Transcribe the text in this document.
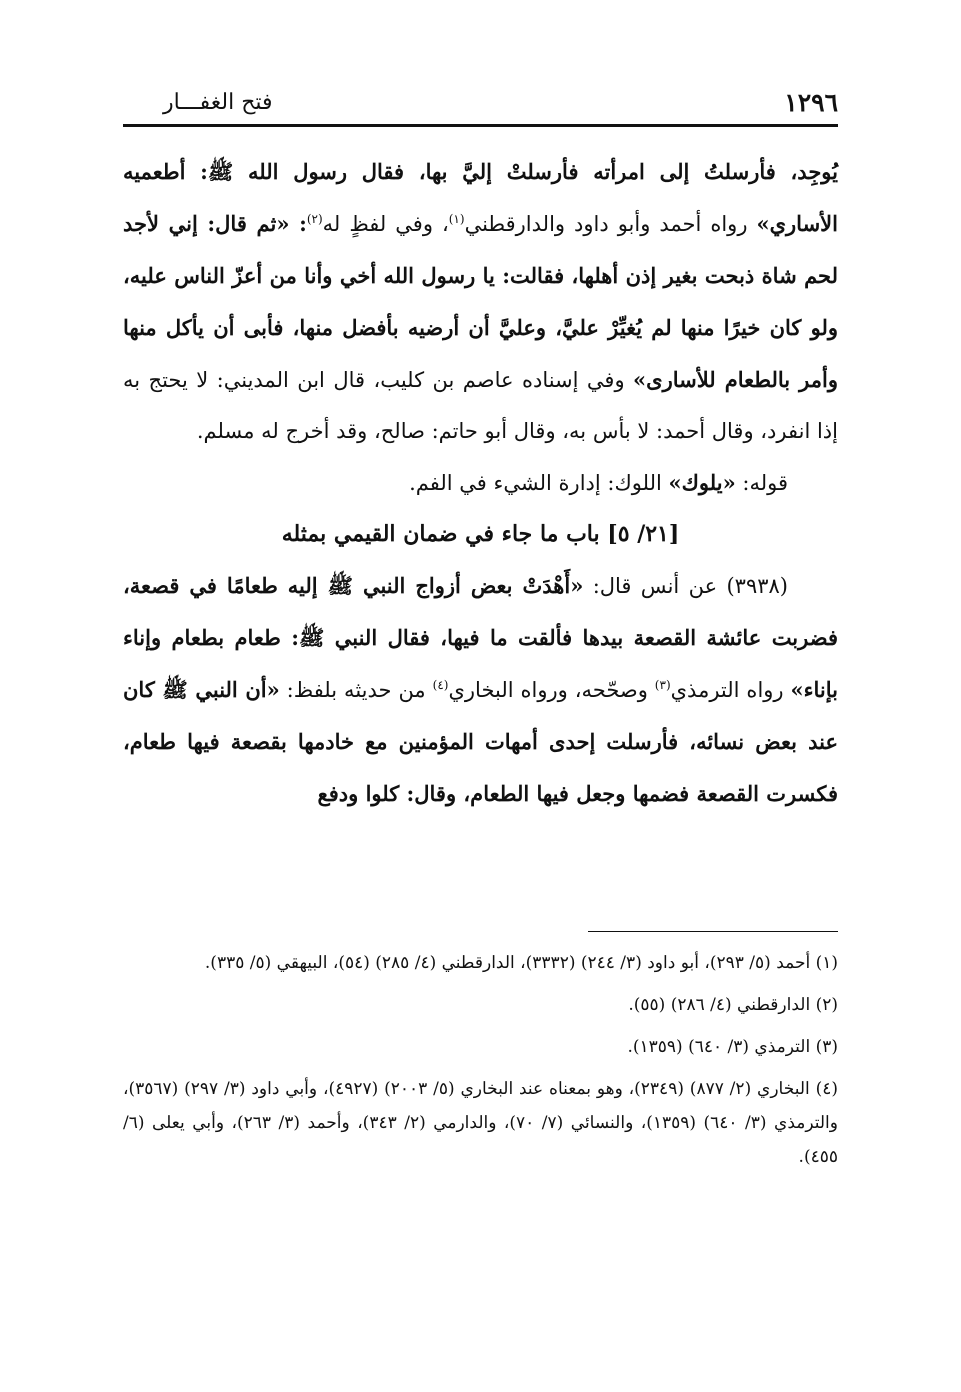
١٢٩٦
فتح الغفـــار

يُوجِد، فأرسلتُ إلى امرأته فأرسلتْ إليَّ بها، فقال رسول الله ﷺ: أطعميه الأساري» رواه أحمد وأبو داود والدارقطني$^{(١)}$، وفي لفظٍ له$^{(٢)}$: «ثم قال: إني لأجد لحم شاة ذبحت بغير إذن أهلها، فقالت: يا رسول الله أخي وأنا من أعزّ الناس عليه، ولو كان خيرًا منها لم يُغيِّرْ عليَّ، وعليَّ أن أرضيه بأفضل منها، فأبى أن يأكل منها وأمر بالطعام للأسارى» وفي إسناده عاصم بن كليب، قال ابن المديني: لا يحتج به إذا انفرد، وقال أحمد: لا بأس به، وقال أبو حاتم: صالح، وقد أخرج له مسلم.

قوله: «يلوك» اللوك: إدارة الشيء في الفم.

[٢١/ ٥] باب ما جاء في ضمان القيمي بمثله

(٣٩٣٨) عن أنس قال: «أَهْدَتْ بعض أزواج النبي ﷺ إليه طعامًا في قصعة، فضربت عائشة القصعة بيدها فألقت ما فيها، فقال النبي ﷺ: طعام بطعام وإناء بإناء» رواه الترمذي$^{(٣)}$ وصحّحه، ورواه البخاري$^{(٤)}$ من حديثه بلفظ: «أن النبي ﷺ كان عند بعض نسائه، فأرسلت إحدى أمهات المؤمنين مع خادمها بقصعة فيها طعام، فكسرت القصعة فضمها وجعل فيها الطعام، وقال: كلوا ودفع

(١) أحمد (٥/ ٢٩٣)، أبو داود (٣/ ٢٤٤) (٣٣٣٢)، الدارقطني (٤/ ٢٨٥) (٥٤)، البيهقي (٥/ ٣٣٥).

(٢) الدارقطني (٤/ ٢٨٦) (٥٥).

(٣) الترمذي (٣/ ٦٤٠) (١٣٥٩).

(٤) البخاري (٢/ ٨٧٧) (٢٣٤٩)، وهو بمعناه عند البخاري (٥/ ٢٠٠٣) (٤٩٢٧)، وأبي داود (٣/ ٢٩٧) (٣٥٦٧)، والترمذي (٣/ ٦٤٠) (١٣٥٩)، والنسائي (٧/ ٧٠)، والدارمي (٢/ ٣٤٣)، وأحمد (٣/ ٢٦٣)، وأبي يعلى (٦/ ٤٥٥).
